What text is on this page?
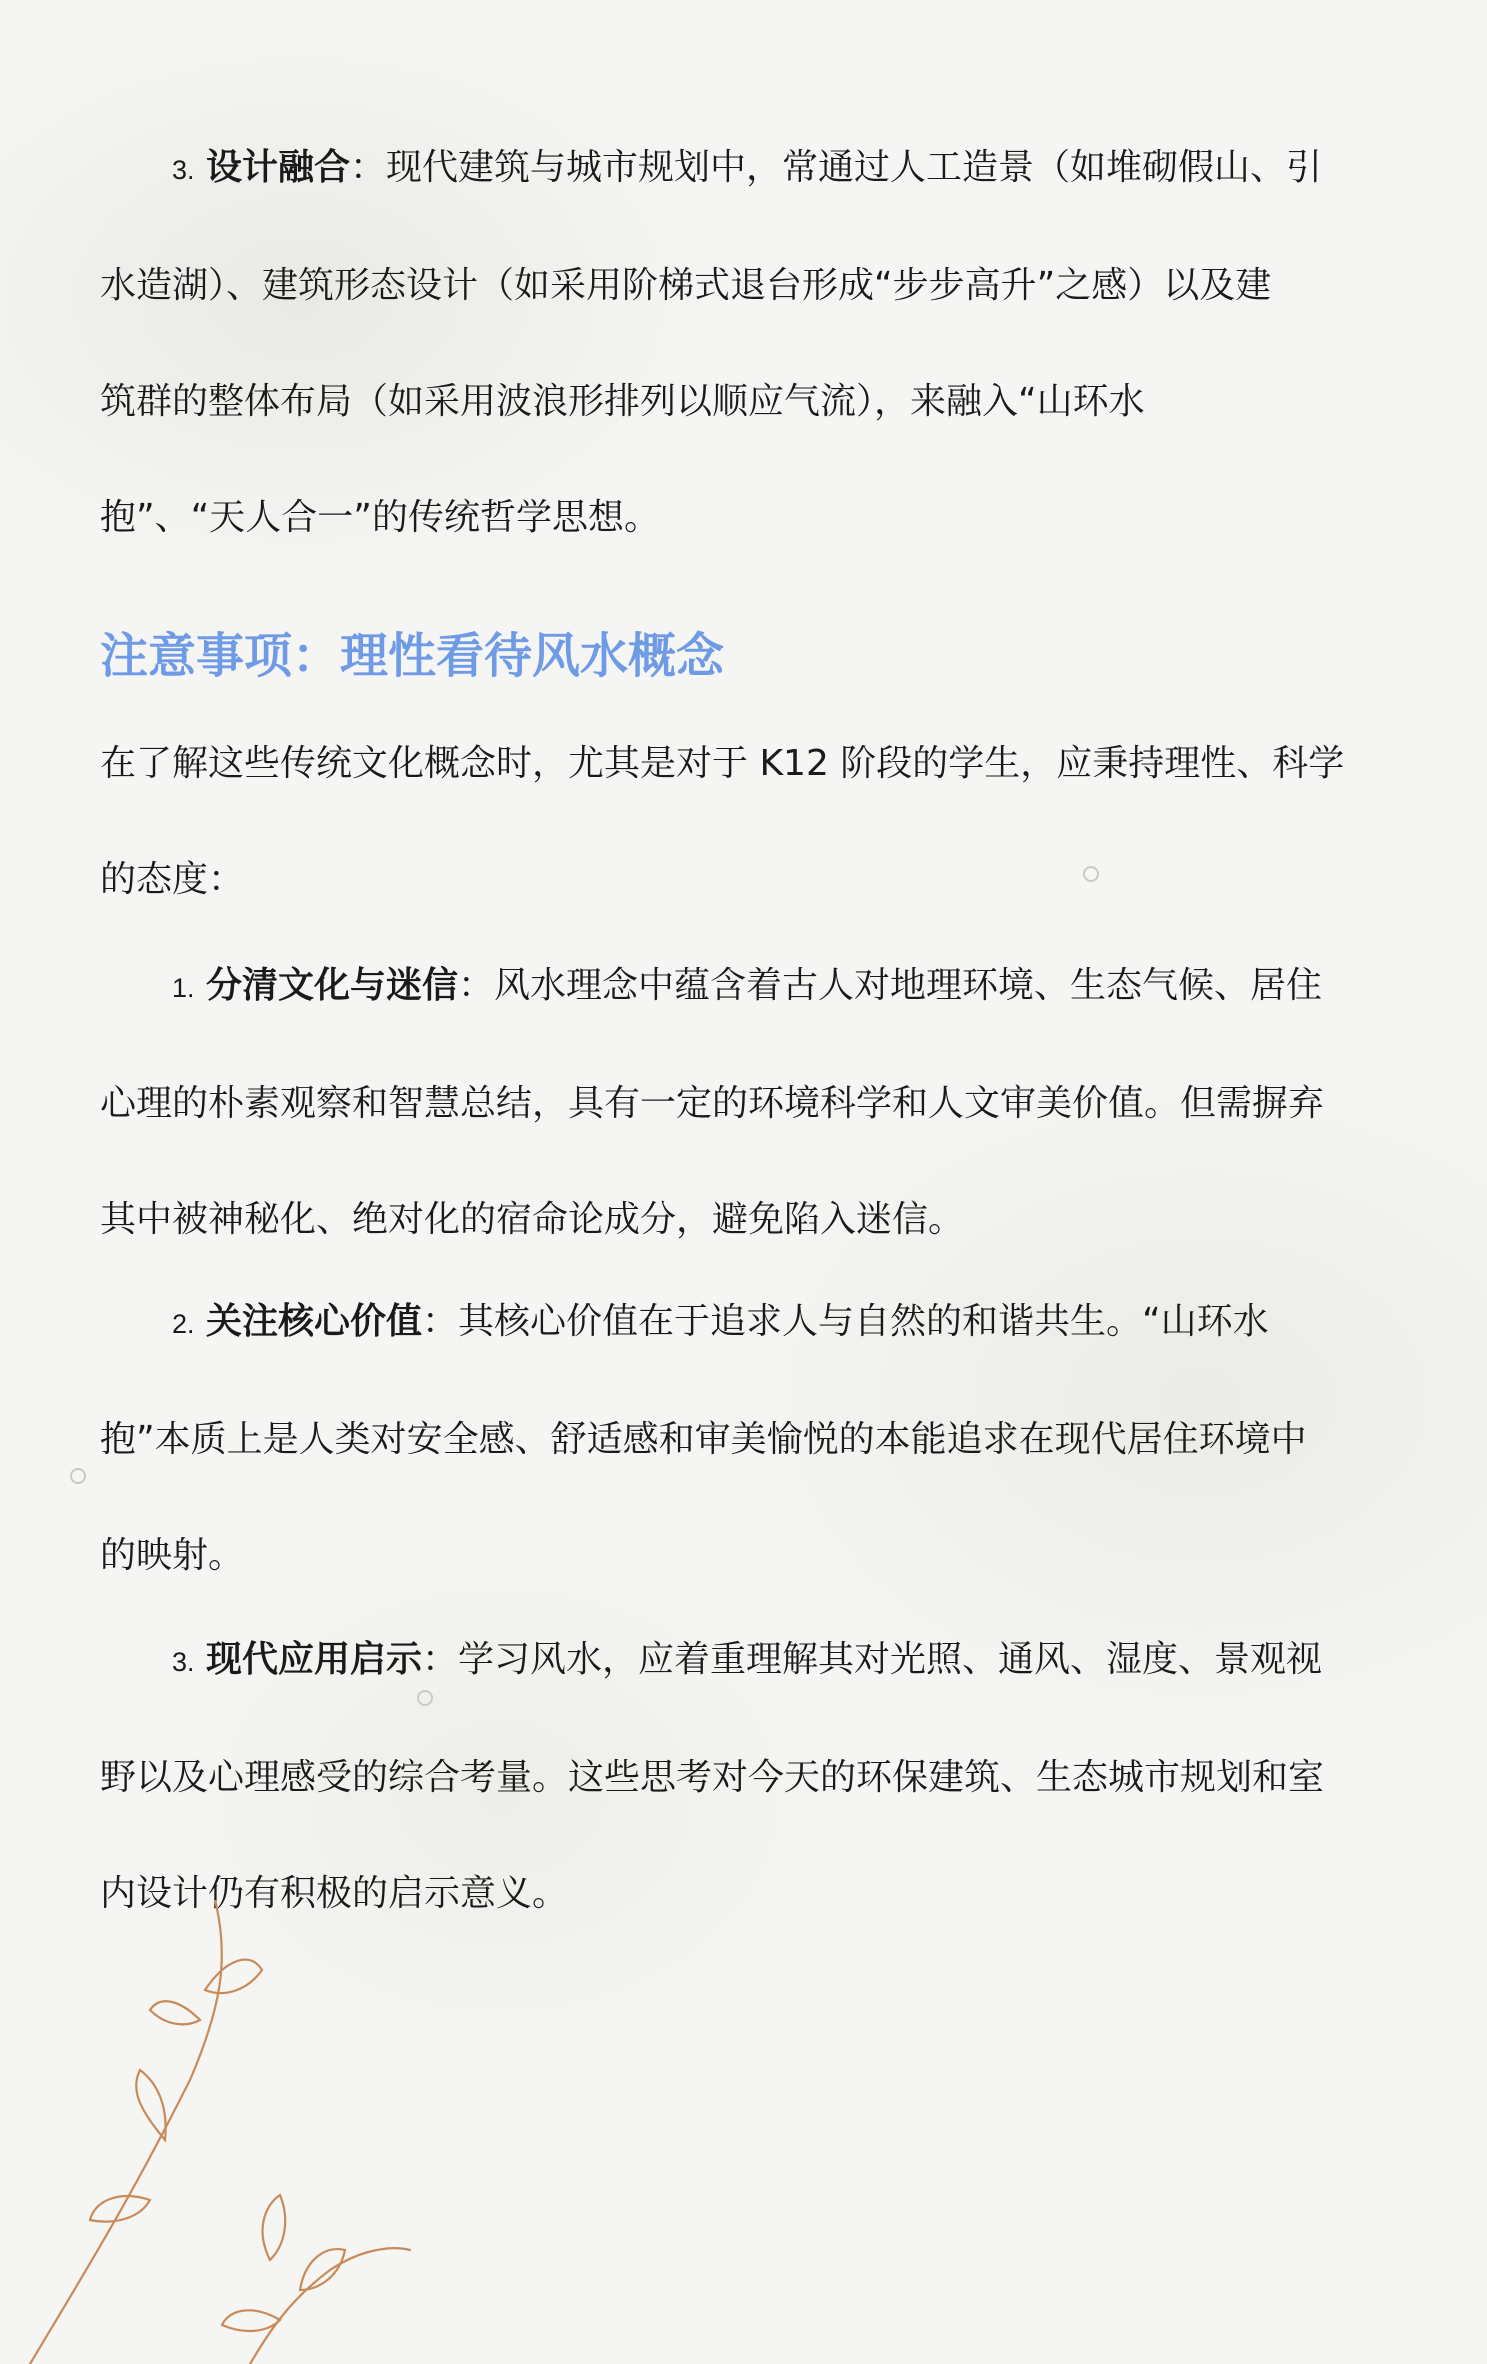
3. 设计融合：现代建筑与城市规划中，常通过人工造景（如堆砌假山、引
水造湖）、建筑形态设计（如采用阶梯式退台形成“步步高升”之感）以及建
筑群的整体布局（如采用波浪形排列以顺应气流），来融入“山环水
抱”、“天人合一”的传统哲学思想。
注意事项：理性看待风水概念
在了解这些传统文化概念时，尤其是对于 K12 阶段的学生，应秉持理性、科学
的态度：
1. 分清文化与迷信：风水理念中蕴含着古人对地理环境、生态气候、居住
心理的朴素观察和智慧总结，具有一定的环境科学和人文审美价值。但需摒弃
其中被神秘化、绝对化的宿命论成分，避免陷入迷信。
2. 关注核心价值：其核心价值在于追求人与自然的和谐共生。“山环水
抱”本质上是人类对安全感、舒适感和审美愉悦的本能追求在现代居住环境中
的映射。
3. 现代应用启示：学习风水，应着重理解其对光照、通风、湿度、景观视
野以及心理感受的综合考量。这些思考对今天的环保建筑、生态城市规划和室
内设计仍有积极的启示意义。
